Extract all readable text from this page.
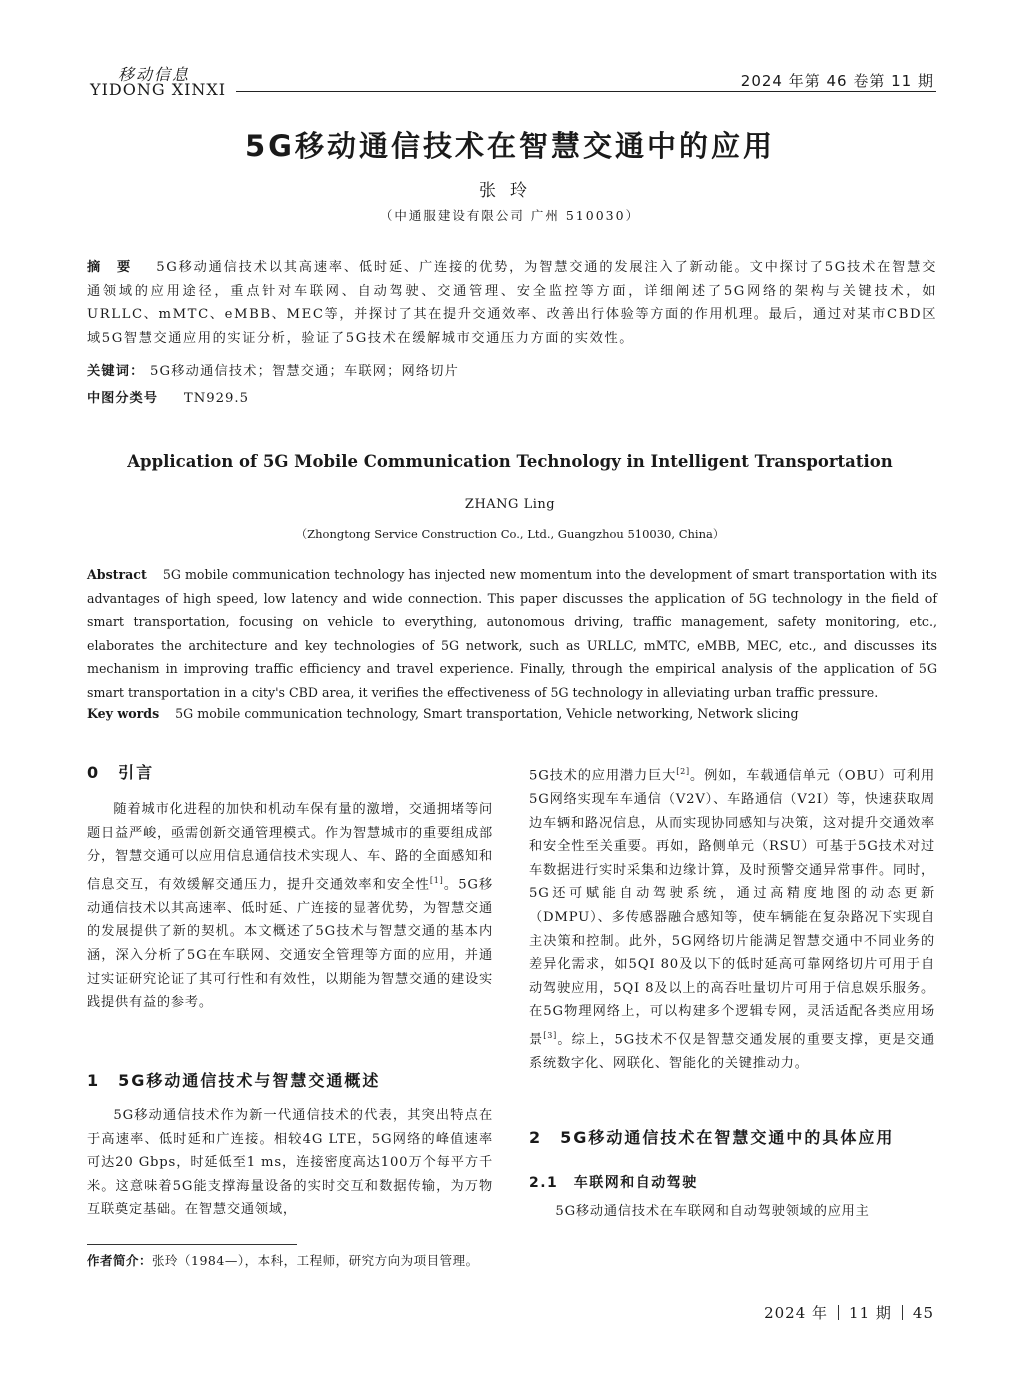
移动信息
YIDONG XINXI	2024 年第 46 卷第 11 期
5G移动通信技术在智慧交通中的应用
张玲
（中通服建设有限公司 广州 510030）
摘　要 5G移动通信技术以其高速率、低时延、广连接的优势，为智慧交通的发展注入了新动能。文中探讨了5G技术在智慧交通领域的应用途径，重点针对车联网、自动驾驶、交通管理、安全监控等方面，详细阐述了5G网络的架构与关键技术，如URLLC、mMTC、eMBB、MEC等，并探讨了其在提升交通效率、改善出行体验等方面的作用机理。最后，通过对某市CBD区域5G智慧交通应用的实证分析，验证了5G技术在缓解城市交通压力方面的实效性。
关键词： 5G移动通信技术；智慧交通；车联网；网络切片
中图分类号 TN929.5
Application of 5G Mobile Communication Technology in Intelligent Transportation
ZHANG Ling
（Zhongtong Service Construction Co., Ltd., Guangzhou 510030, China）
Abstract 5G mobile communication technology has injected new momentum into the development of smart transportation with its advantages of high speed, low latency and wide connection. This paper discusses the application of 5G technology in the field of smart transportation, focusing on vehicle to everything, autonomous driving, traffic management, safety monitoring, etc., elaborates the architecture and key technologies of 5G network, such as URLLC, mMTC, eMBB, MEC, etc., and discusses its mechanism in improving traffic efficiency and travel experience. Finally, through the empirical analysis of the application of 5G smart transportation in a city's CBD area, it verifies the effectiveness of 5G technology in alleviating urban traffic pressure.
Key words 5G mobile communication technology, Smart transportation, Vehicle networking, Network slicing
0　引言

随着城市化进程的加快和机动车保有量的激增，交通拥堵等问题日益严峻，亟需创新交通管理模式。作为智慧城市的重要组成部分，智慧交通可以应用信息通信技术实现人、车、路的全面感知和信息交互，有效缓解交通压力，提升交通效率和安全性[1]。5G移动通信技术以其高速率、低时延、广连接的显著优势，为智慧交通的发展提供了新的契机。本文概述了5G技术与智慧交通的基本内涵，深入分析了5G在车联网、交通安全管理等方面的应用，并通过实证研究论证了其可行性和有效性，以期能为智慧交通的建设实践提供有益的参考。

1　5G移动通信技术与智慧交通概述

5G移动通信技术作为新一代通信技术的代表，其突出特点在于高速率、低时延和广连接。相较4G LTE，5G网络的峰值速率可达20 Gbps，时延低至1 ms，连接密度高达100万个每平方千米。这意味着5G能支撑海量设备的实时交互和数据传输，为万物互联奠定基础。在智慧交通领域，

5G技术的应用潜力巨大[2]。例如，车载通信单元（OBU）可利用5G网络实现车车通信（V2V）、车路通信（V2I）等，快速获取周边车辆和路况信息，从而实现协同感知与决策，这对提升交通效率和安全性至关重要。再如，路侧单元（RSU）可基于5G技术对过车数据进行实时采集和边缘计算，及时预警交通异常事件。同时，5G还可赋能自动驾驶系统，通过高精度地图的动态更新（DMPU）、多传感器融合感知等，使车辆能在复杂路况下实现自主决策和控制。此外，5G网络切片能满足智慧交通中不同业务的差异化需求，如5QI 80及以下的低时延高可靠网络切片可用于自动驾驶应用，5QI 8及以上的高吞吐量切片可用于信息娱乐服务。在5G物理网络上，可以构建多个逻辑专网，灵活适配各类应用场景[3]。综上，5G技术不仅是智慧交通发展的重要支撑，更是交通系统数字化、网联化、智能化的关键推动力。

2　5G移动通信技术在智慧交通中的具体应用
2.1　车联网和自动驾驶

5G移动通信技术在车联网和自动驾驶领域的应用主

作者简介：张玲（1984—），本科，工程师，研究方向为项目管理。
2024 年 11 期 45
